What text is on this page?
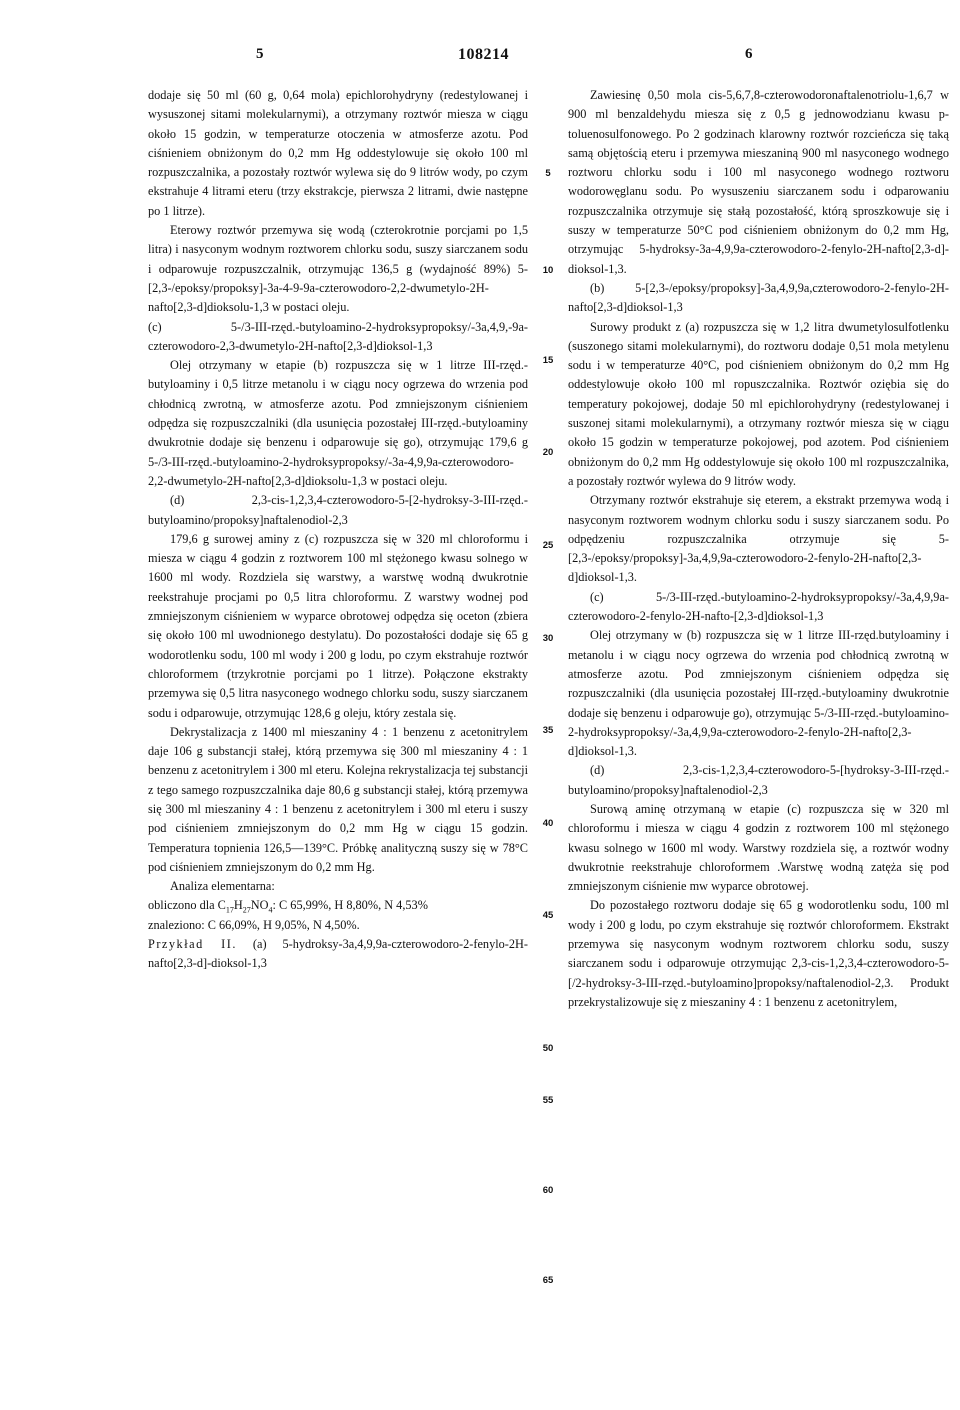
5	108214	6

dodaje się 50 ml (60 g, 0,64 mola) epichlorohydryny (redestylowanej i wysuszonej sitami molekularnymi), a otrzymany roztwór miesza w ciągu około 15 godzin, w temperaturze otoczenia w atmosferze azotu. Pod ciśnieniem obniżonym do 0,2 mm Hg oddestylowuje się około 100 ml rozpuszczalnika, a pozostały roztwór wylewa się do 9 litrów wody, po czym ekstrahuje 4 litrami eteru (trzy ekstrakcje, pierwsza 2 litrami, dwie następne po 1 litrze).

Eterowy roztwór przemywa się wodą (czterokrotnie porcjami po 1,5 litra) i nasyconym wodnym roztworem chlorku sodu, suszy siarczanem sodu i odparowuje rozpuszczalnik, otrzymując 136,5 g (wydajność 89%) 5-[2,3-/epoksy/propoksy]-3a-4-9-9a-czterowodoro-2,2-dwumetylo-2H-nafto[2,3-d]dioksolu-1,3 w postaci oleju.

(c) 5-/3-III-rzęd.-butyloamino-2-hydroksypropoksy/-3a,4,9,-9a-czterowodoro-2,3-dwumetylo-2H-nafto[2,3-d]dioksol-1,3

Olej otrzymany w etapie (b) rozpuszcza się w 1 litrze III-rzęd.-butyloaminy i 0,5 litrze metanolu i w ciągu nocy ogrzewa do wrzenia pod chłodnicą zwrotną, w atmosferze azotu. Pod zmniejszonym ciśnieniem odpędza się rozpuszczalniki (dla usunięcia pozostałej III-rzęd.-butyloaminy dwukrotnie dodaje się benzenu i odparowuje się go), otrzymując 179,6 g 5-/3-III-rzęd.-butyloamino-2-hydroksypropoksy/-3a-4,9,9a-czterowodoro-2,2-dwumetylo-2H-nafto[2,3-d]dioksolu-1,3 w postaci oleju.

(d) 2,3-cis-1,2,3,4-czterowodoro-5-[2-hydroksy-3-III-rzęd.-butyloamino/propoksy]naftalenodiol-2,3

179,6 g surowej aminy z (c) rozpuszcza się w 320 ml chloroformu i miesza w ciągu 4 godzin z roztworem 100 ml stężonego kwasu solnego w 1600 ml wody. Rozdziela się warstwy, a warstwę wodną dwukrotnie reekstrahuje procjami po 0,5 litra chloroformu. Z warstwy wodnej pod zmniejszonym ciśnieniem w wyparce obrotowej odpędza się oceton (zbiera się około 100 ml uwodnionego destylatu). Do pozostałości dodaje się 65 g wodorotlenku sodu, 100 ml wody i 200 g lodu, po czym ekstrahuje roztwór chloroformem (trzykrotnie porcjami po 1 litrze). Połączone ekstrakty przemywa się 0,5 litra nasyconego wodnego chlorku sodu, suszy siarczanem sodu i odparowuje, otrzymując 128,6 g oleju, który zestala się.

Dekrystalizacja z 1400 ml mieszaniny 4 : 1 benzenu z acetonitrylem daje 106 g substancji stałej, którą przemywa się 300 ml mieszaniny 4 : 1 benzenu z acetonitrylem i 300 ml eteru. Kolejna rekrystalizacja tej substancji z tego samego rozpuszczalnika daje 80,6 g substancji stałej, którą przemywa się 300 ml mieszaniny 4 : 1 benzenu z acetonitrylem i 300 ml eteru i suszy pod ciśnieniem zmniejszonym do 0,2 mm Hg w ciągu 15 godzin. Temperatura topnienia 126,5—139°C. Próbkę analityczną suszy się w 78°C pod ciśnieniem zmniejszonym do 0,2 mm Hg.

Analiza elementarna:

obliczono dla $C_{17}H_{27}NO_4$: C 65,99%, H 8,80%, N 4,53%

znaleziono: C 66,09%, H 9,05%, N 4,50%.

Przykład II. (a) 5-hydroksy-3a,4,9,9a-czterowodoro-2-fenylo-2H-nafto[2,3-d]-dioksol-1,3

Zawiesinę 0,50 mola cis-5,6,7,8-czterowodoronaftalenotriolu-1,6,7 w 900 ml benzaldehydu miesza się z 0,5 g jednowodzianu kwasu p-toluenosulfonowego. Po 2 godzinach klarowny roztwór rozcieńcza się taką samą objętością eteru i przemywa mieszaniną 900 ml nasyconego wodnego roztworu chlorku sodu i 100 ml nasyconego wodnego roztworu wodorowęglanu sodu. Po wysuszeniu siarczanem sodu i odparowaniu rozpuszczalnika otrzymuje się stałą pozostałość, którą sproszkowuje się i suszy w temperaturze 50°C pod ciśnieniem obniżonym do 0,2 mm Hg, otrzymując 5-hydroksy-3a-4,9,9a-czterowodoro-2-fenylo-2H-nafto[2,3-d]-dioksol-1,3.

(b) 5-[2,3-/epoksy/propoksy]-3a,4,9,9a,czterowodoro-2-fenylo-2H-nafto[2,3-d]dioksol-1,3

Surowy produkt z (a) rozpuszcza się w 1,2 litra dwumetylosulfotlenku (suszonego sitami molekularnymi), do roztworu dodaje 0,51 mola metylenu sodu i w temperaturze 40°C, pod ciśnieniem obniżonym do 0,2 mm Hg oddestylowuje około 100 ml ropuszczalnika. Roztwór oziębia się do temperatury pokojowej, dodaje 50 ml epichlorohydryny (redestylowanej i suszonej sitami molekularnymi), a otrzymany roztwór miesza się w ciągu około 15 godzin w temperaturze pokojowej, pod azotem. Pod ciśnieniem obniżonym do 0,2 mm Hg oddestylowuje się około 100 ml rozpuszczalnika, a pozostały roztwór wylewa do 9 litrów wody.

Otrzymany roztwór ekstrahuje się eterem, a ekstrakt przemywa wodą i nasyconym roztworem wodnym chlorku sodu i suszy siarczanem sodu. Po odpędzeniu rozpuszczalnika otrzymuje się 5-[2,3-/epoksy/propoksy]-3a,4,9,9a-czterowodoro-2-fenylo-2H-nafto[2,3-d]dioksol-1,3.

(c) 5-/3-III-rzęd.-butyloamino-2-hydroksypropoksy/-3a,4,9,9a-czterowodoro-2-fenylo-2H-nafto-[2,3-d]dioksol-1,3

Olej otrzymany w (b) rozpuszcza się w 1 litrze III-rzęd.butyloaminy i metanolu i w ciągu nocy ogrzewa do wrzenia pod chłodnicą zwrotną w atmosferze azotu. Pod zmniejszonym ciśnieniem odpędza się rozpuszczalniki (dla usunięcia pozostałej III-rzęd.-butyloaminy dwukrotnie dodaje się benzenu i odparowuje go), otrzymując 5-/3-III-rzęd.-butyloamino-2-hydroksypropoksy/-3a,4,9,9a-czterowodoro-2-fenylo-2H-nafto[2,3-d]dioksol-1,3.

(d) 2,3-cis-1,2,3,4-czterowodoro-5-[hydroksy-3-III-rzęd.-butyloamino/propoksy]naftalenodiol-2,3

Surową aminę otrzymaną w etapie (c) rozpuszcza się w 320 ml chloroformu i miesza w ciągu 4 godzin z roztworem 100 ml stężonego kwasu solnego w 1600 ml wody. Warstwy rozdziela się, a roztwór wodny dwukrotnie reekstrahuje chloroformem .Warstwę wodną zatęża się pod zmniejszonym ciśnienie mw wyparce obrotowej.

Do pozostałego roztworu dodaje się 65 g wodorotlenku sodu, 100 ml wody i 200 g lodu, po czym ekstrahuje się roztwór chloroformem. Ekstrakt przemywa się nasyconym wodnym roztworem chlorku sodu, suszy siarczanem sodu i odparowuje otrzymując 2,3-cis-1,2,3,4-czterowodoro-5-[/2-hydroksy-3-III-rzęd.-butyloamino]propoksy/naftalenodiol-2,3. Produkt przekrystalizowuje się z mieszaniny 4 : 1 benzenu z acetonitrylem,

5
10
15
20
25
30
35
40
45
50
55
60
65
